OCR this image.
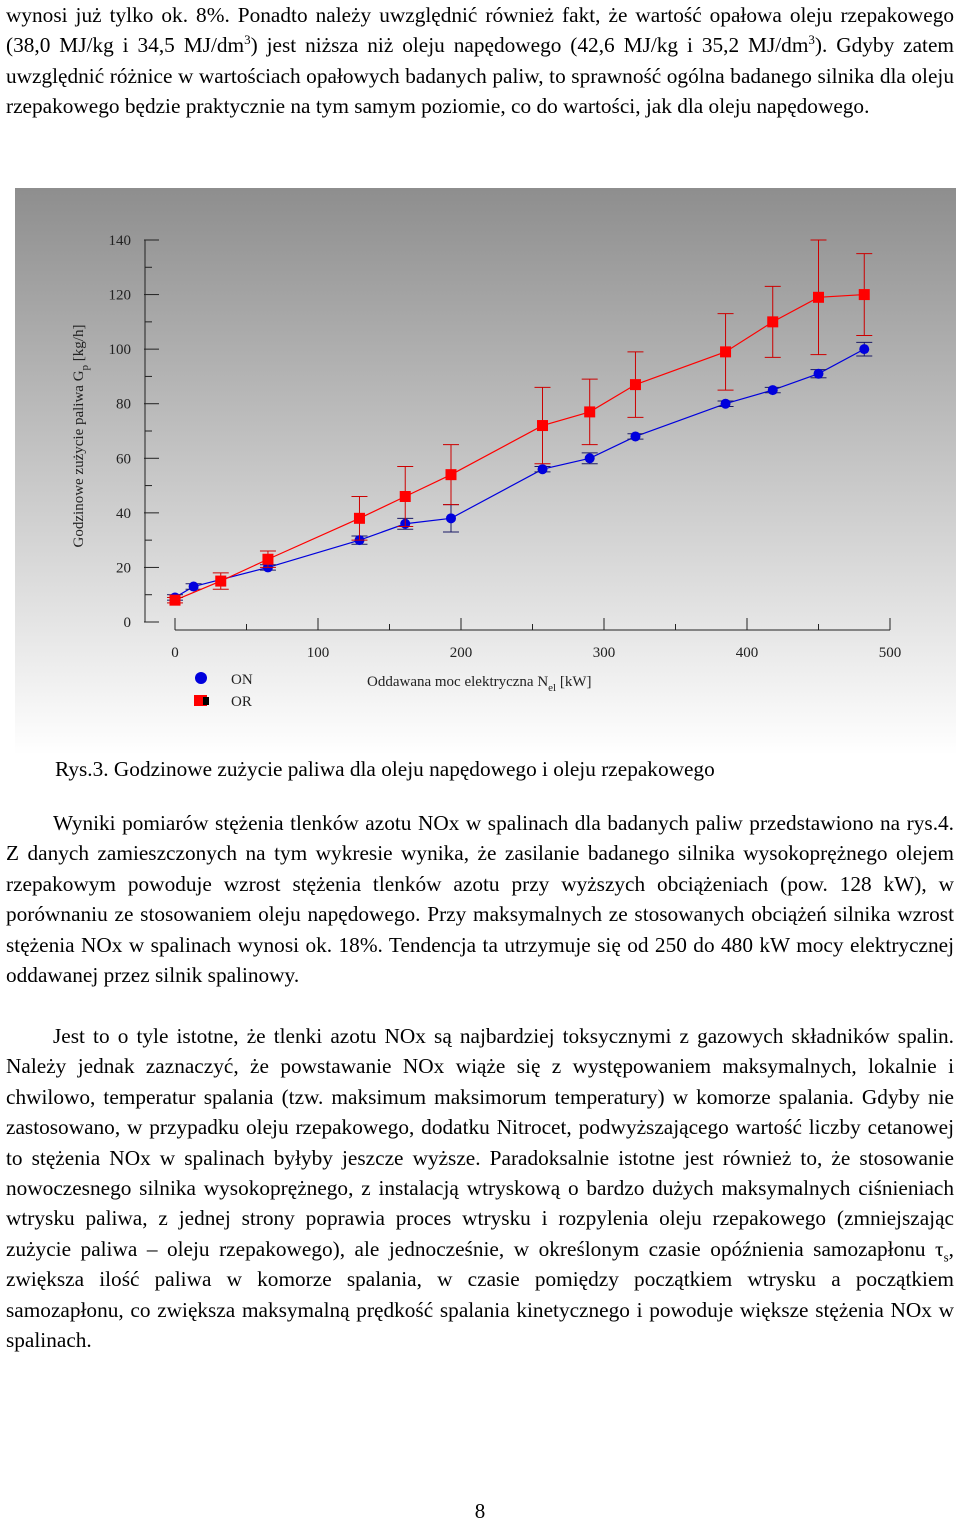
wynosi już tylko ok. 8%. Ponadto należy uwzględnić również fakt, że wartość opałowa oleju rzepakowego (38,0 MJ/kg i 34,5 $MJ/dm^3$) jest niższa niż oleju napędowego (42,6 MJ/kg i 35,2 $MJ/dm^3$). Gdyby zatem uwzględnić różnice w wartościach opałowych badanych paliw, to sprawność ogólna badanego silnika dla oleju rzepakowego będzie praktycznie na tym samym poziomie, co do wartości, jak dla oleju napędowego.

0
20
40
60
80
100
120
140
0	100	200	300	400	500
Godzinowe zużycie paliwa $G_p$ [kg/h]
Oddawana moc elektryczna $N_{el}$ [kW]
ON
OR
Rys.3. Godzinowe zużycie paliwa dla oleju napędowego i oleju rzepakowego

Wyniki pomiarów stężenia tlenków azotu NOx w spalinach dla badanych paliw przedstawiono na rys.4. Z danych zamieszczonych na tym wykresie wynika, że zasilanie badanego silnika wysokoprężnego olejem rzepakowym powoduje wzrost stężenia tlenków azotu przy wyższych obciążeniach (pow. 128 kW), w porównaniu ze stosowaniem oleju napędowego. Przy maksymalnych ze stosowanych obciążeń silnika wzrost stężenia NOx w spalinach wynosi ok. 18%. Tendencja ta utrzymuje się od 250 do 480 kW mocy elektrycznej oddawanej przez silnik spalinowy.

Jest to o tyle istotne, że tlenki azotu NOx są najbardziej toksycznymi z gazowych składników spalin. Należy jednak zaznaczyć, że powstawanie NOx wiąże się z występowaniem maksymalnych, lokalnie i chwilowo, temperatur spalania (tzw. maksimum maksimorum temperatury) w komorze spalania. Gdyby nie zastosowano, w przypadku oleju rzepakowego, dodatku Nitrocet, podwyższającego wartość liczby cetanowej to stężenia NOx w spalinach byłyby jeszcze wyższe. Paradoksalnie istotne jest również to, że stosowanie nowoczesnego silnika wysokoprężnego, z instalacją wtryskową o bardzo dużych maksymalnych ciśnieniach wtrysku paliwa, z jednej strony poprawia proces wtrysku i rozpylenia oleju rzepakowego (zmniejszając zużycie paliwa – oleju rzepakowego), ale jednocześnie, w określonym czasie opóźnienia samozapłonu $\tau_s$, zwiększa ilość paliwa w komorze spalania, w czasie pomiędzy początkiem wtrysku a początkiem samozapłonu, co zwiększa maksymalną prędkość spalania kinetycznego i powoduje większe stężenia NOx w spalinach.

8
